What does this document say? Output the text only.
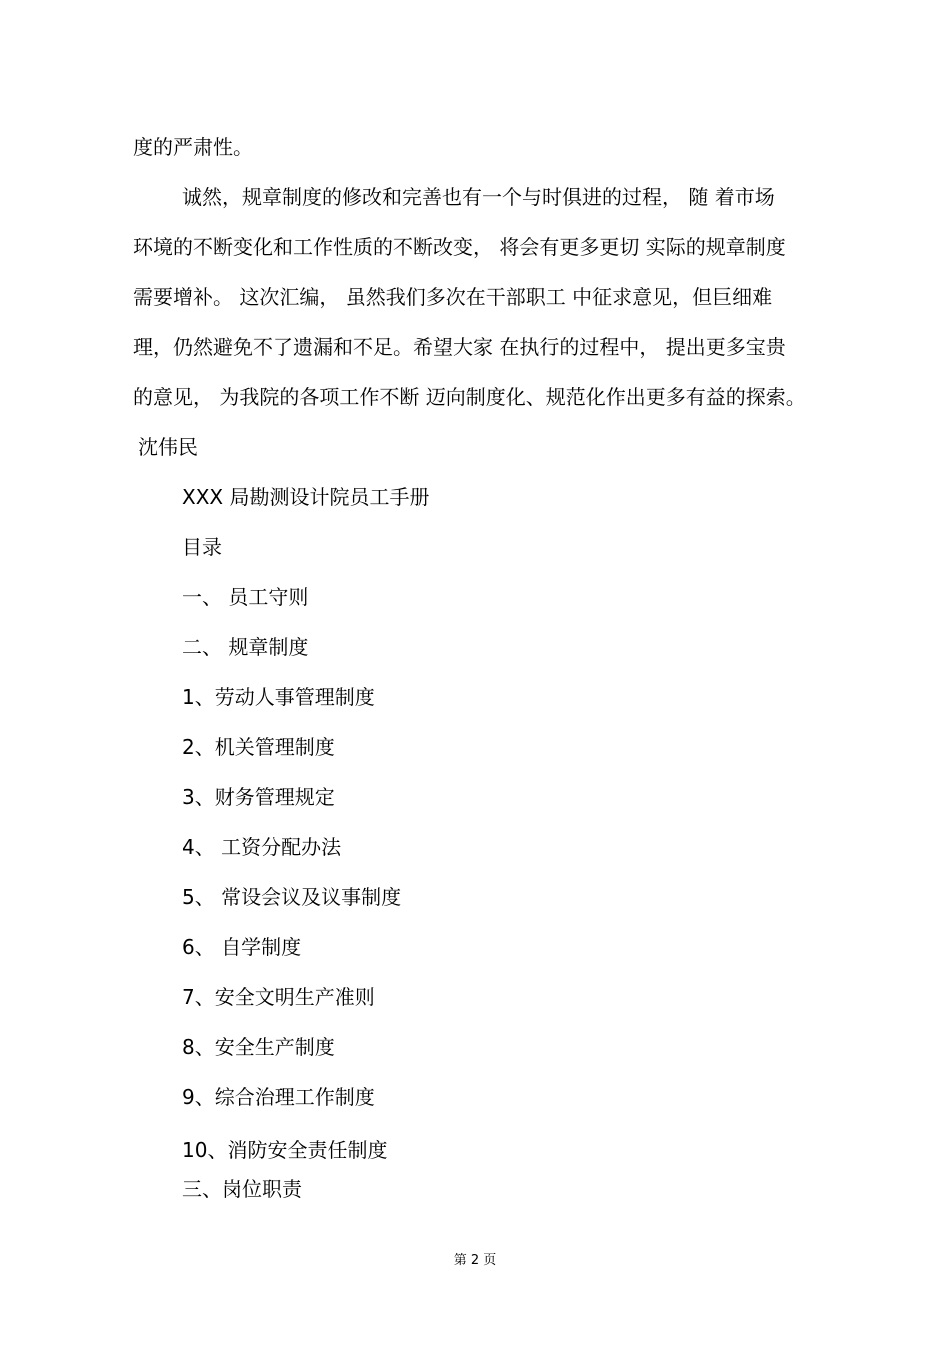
度的严肃性。

诚然，规章制度的修改和完善也有一个与时俱进的过程， 随 着市场

环境的不断变化和工作性质的不断改变， 将会有更多更切 实际的规章制度

需要增补。 这次汇编， 虽然我们多次在干部职工 中征求意见，但巨细难

理，仍然避免不了遗漏和不足。希望大家 在执行的过程中， 提出更多宝贵

的意见， 为我院的各项工作不断 迈向制度化、规范化作出更多有益的探索。

沈伟民

XXX 局勘测设计院员工手册

目录

一、 员工守则

二、 规章制度

1、劳动人事管理制度

2、机关管理制度

3、财务管理规定

4、 工资分配办法

5、 常设会议及议事制度

6、 自学制度

7、安全文明生产准则

8、安全生产制度

9、综合治理工作制度

10、消防安全责任制度

三、岗位职责

第 2 页
